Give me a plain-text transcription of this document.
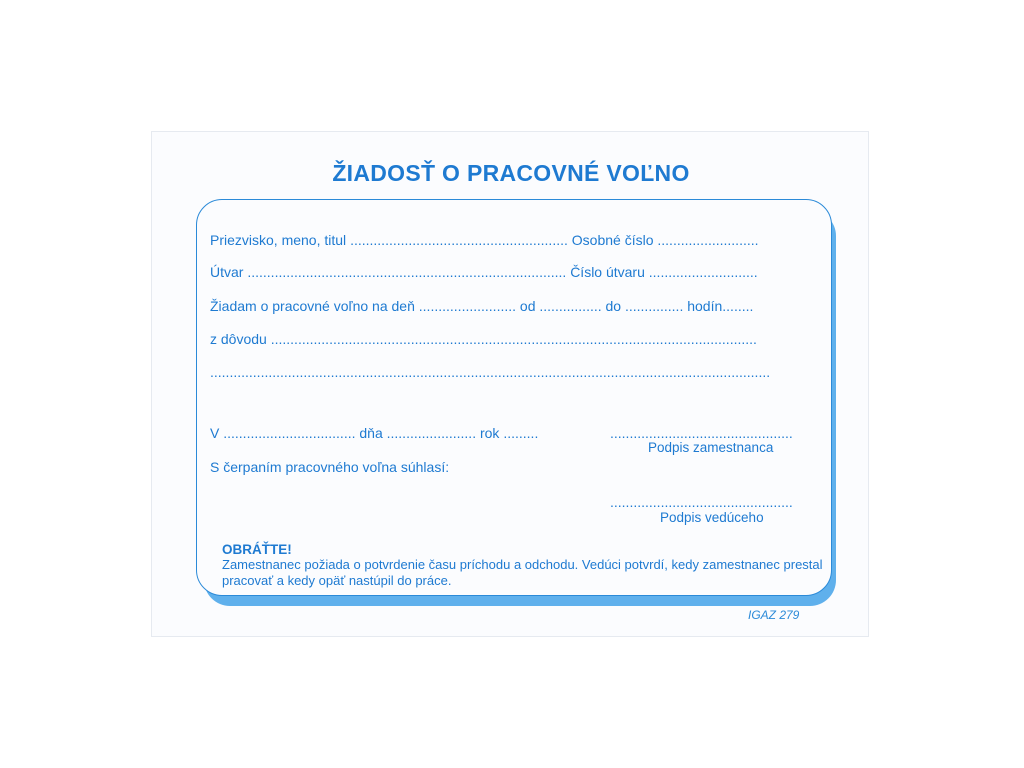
ŽIADOSŤ O PRACOVNÉ VOĽNO
Priezvisko, meno, titul ........................................................ Osobné číslo ..........................
Útvar .................................................................................. Číslo útvaru ............................
Žiadam o pracovné voľno na deň ......................... od ................ do ............... hodín........
z dôvodu .............................................................................................................................
................................................................................................................................................
V .................................. dňa ....................... rok .........	...............................................
Podpis zamestnanca
S čerpaním pracovného voľna súhlasí:
...............................................
Podpis vedúceho
OBRÁŤTE!
Zamestnanec požiada o potvrdenie času príchodu a odchodu. Vedúci potvrdí, kedy zamestnanec prestal pracovať a kedy opäť nastúpil do práce.
IGAZ 279
